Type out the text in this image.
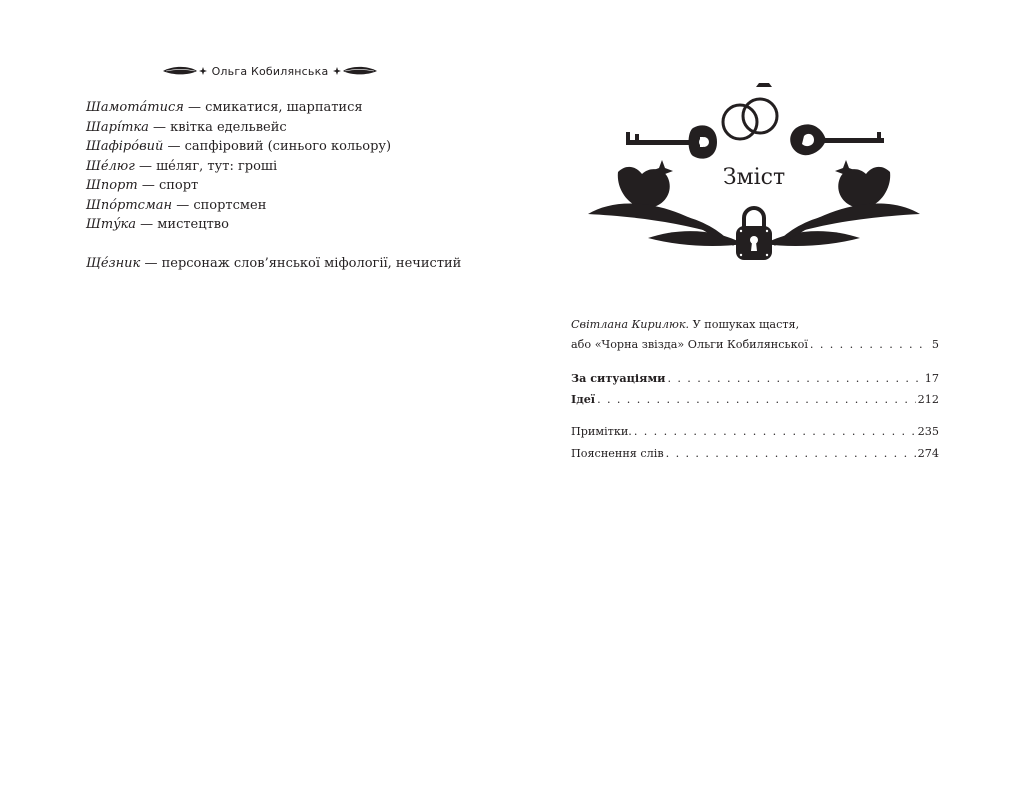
Ольга Кобилянська
Шамотáтися — смикатися, шарпатися
Шарі́тка — квітка едельвейс
Шафірóвий — сапфіровий (синього кольору)
Шéлюг — шéляг, тут: гроші
Шпорт — спорт
Шпóртсман — спортсмен
Штýка — мистецтво
Щéзник — персонаж слов’янської міфології, нечистий
Зміст
Світлана Кирилюк. У пошуках щастя,
або «Чорна звізда» Ольги Кобилянської . . .	5
За ситуаціями . . .	17
Ідеї . . .	212
Примітки. . . .	235
Пояснення слів . . .	274
